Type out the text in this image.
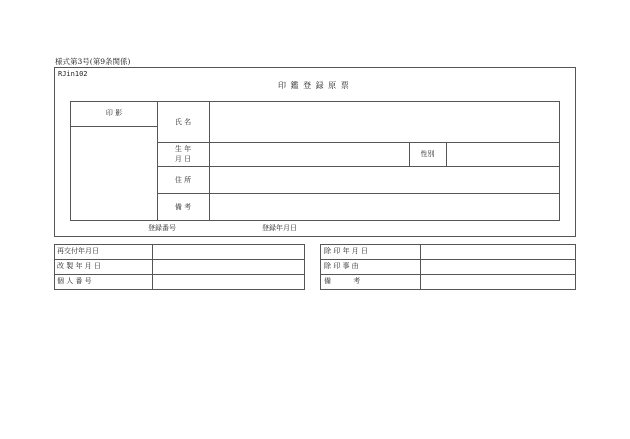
様式第3号(第9条関係)
RJin102
印 鑑 登 録 原 票
印 影
氏 名
生 年
月 日
性別
住 所
備 考
登録番号	登録年月日
再交付年月日
改 製 年 月 日
個 人 番 号
除 印 年 月 日
除 印 事 由
備          考
